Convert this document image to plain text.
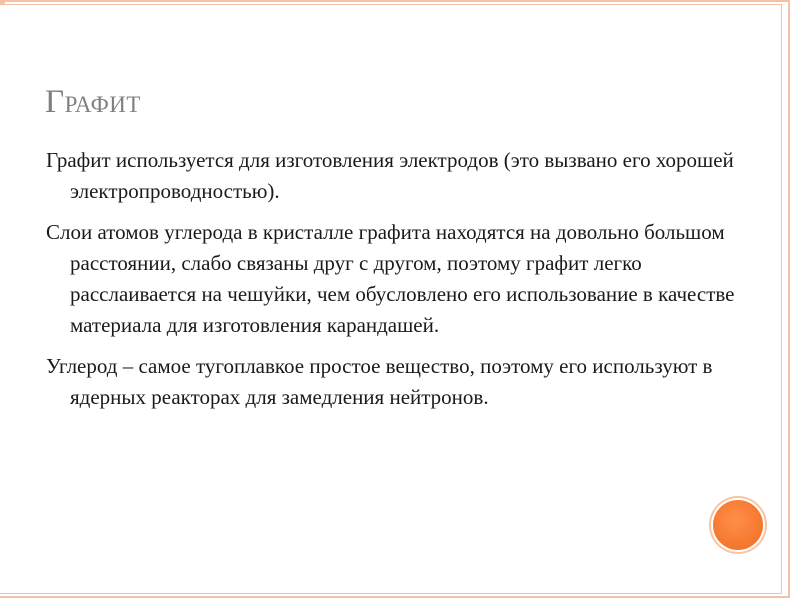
Графит

Графит используется для изготовления электродов (это вызвано его хорошей электропроводностью).

Слои атомов углерода в кристалле графита находятся на довольно большом расстоянии, слабо связаны друг с другом, поэтому графит легко расслаивается на чешуйки, чем обусловлено его использование в качестве материала для изготовления карандашей.

Углерод – самое тугоплавкое простое вещество, поэтому его используют в ядерных реакторах для замедления нейтронов.
